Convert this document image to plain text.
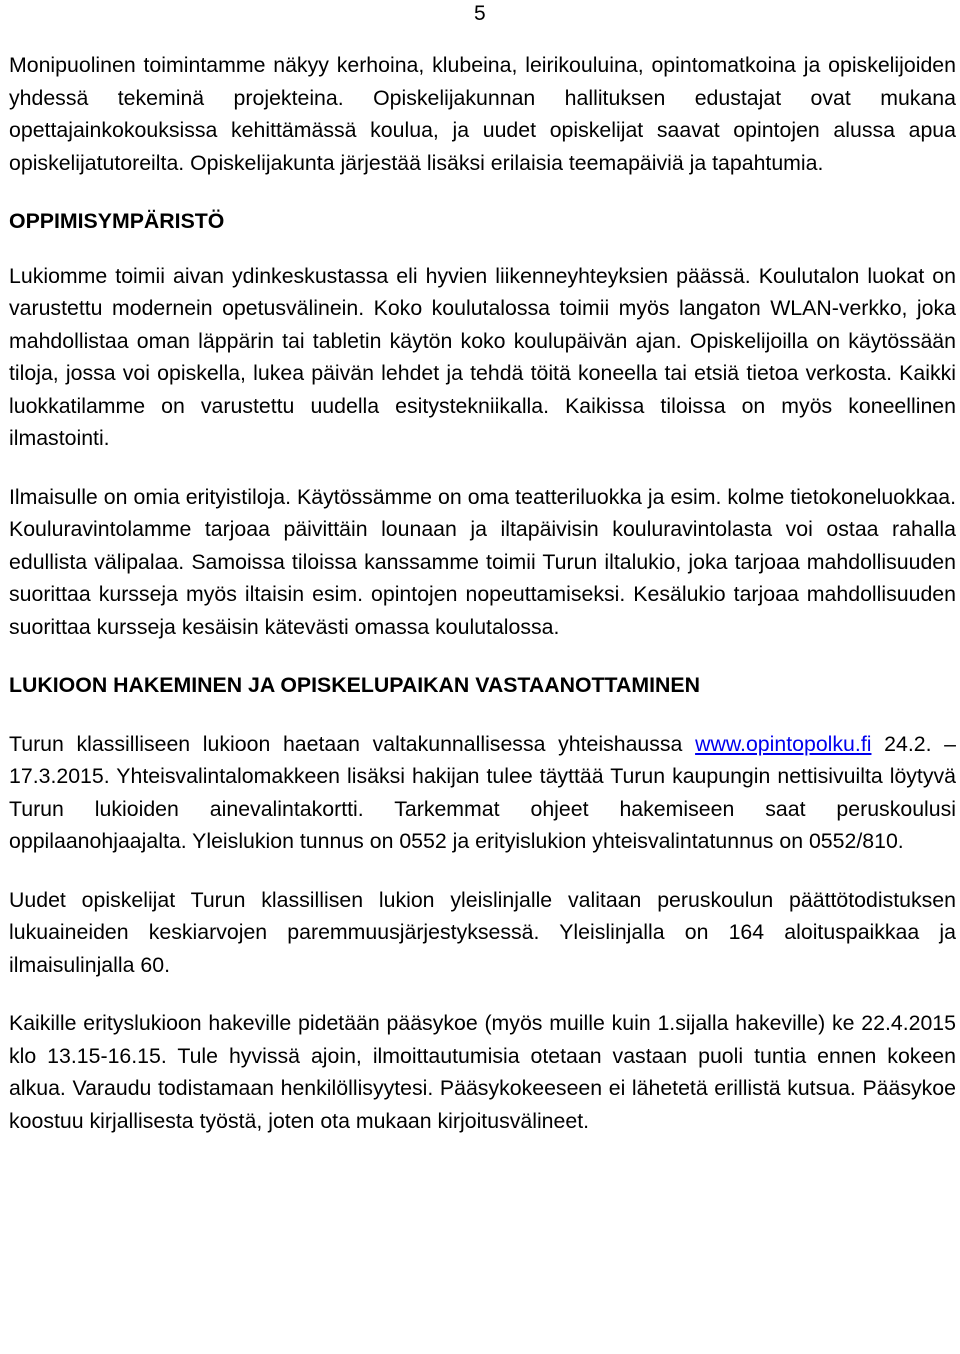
5

Monipuolinen toimintamme näkyy kerhoina, klubeina, leirikouluina, opintomatkoina ja opiskelijoiden yhdessä tekeminä projekteina. Opiskelijakunnan hallituksen edustajat ovat mukana opettajainkokouksissa kehittämässä koulua, ja uudet opiskelijat saavat opintojen alussa apua opiskelijatutoreilta. Opiskelijakunta järjestää lisäksi erilaisia teemapäiviä ja tapahtumia.

OPPIMISYMPÄRISTÖ

Lukiomme toimii aivan ydinkeskustassa eli hyvien liikenneyhteyksien päässä. Koulutalon luokat on varustettu modernein opetusvälinein. Koko koulutalossa toimii myös langaton WLAN-verkko, joka mahdollistaa oman läppärin tai tabletin käytön koko koulupäivän ajan. Opiskelijoilla on käytössään tiloja, jossa voi opiskella, lukea päivän lehdet ja tehdä töitä koneella tai etsiä tietoa verkosta. Kaikki luokkatilamme on varustettu uudella esitystekniikalla. Kaikissa tiloissa on myös koneellinen ilmastointi.

Ilmaisulle on omia erityistiloja. Käytössämme on oma teatteriluokka ja esim. kolme tietokoneluokkaa. Kouluravintolamme tarjoaa päivittäin lounaan ja iltapäivisin kouluravintolasta voi ostaa rahalla edullista välipalaa. Samoissa tiloissa kanssamme toimii Turun iltalukio, joka tarjoaa mahdollisuuden suorittaa kursseja myös iltaisin esim. opintojen nopeuttamiseksi. Kesälukio tarjoaa mahdollisuuden suorittaa kursseja kesäisin kätevästi omassa koulutalossa.

LUKIOON HAKEMINEN JA OPISKELUPAIKAN VASTAANOTTAMINEN

Turun klassilliseen lukioon haetaan valtakunnallisessa yhteishaussa www.opintopolku.fi 24.2. – 17.3.2015. Yhteisvalintalomakkeen lisäksi hakijan tulee täyttää Turun kaupungin nettisivuilta löytyvä Turun lukioiden ainevalintakortti. Tarkemmat ohjeet hakemiseen saat peruskoulusi oppilaanohjaajalta. Yleislukion tunnus on 0552 ja erityislukion yhteisvalintatunnus on 0552/810.

Uudet opiskelijat Turun klassillisen lukion yleislinjalle valitaan peruskoulun päättötodistuksen lukuaineiden keskiarvojen paremmuusjärjestyksessä. Yleislinjalla on 164 aloituspaikkaa ja ilmaisulinjalla 60.

Kaikille erityslukioon hakeville pidetään pääsykoe (myös muille kuin 1.sijalla hakeville) ke 22.4.2015 klo 13.15-16.15. Tule hyvissä ajoin, ilmoittautumisia otetaan vastaan puoli tuntia ennen kokeen alkua. Varaudu todistamaan henkilöllisyytesi. Pääsykokeeseen ei lähetetä erillistä kutsua. Pääsykoe koostuu kirjallisesta työstä, joten ota mukaan kirjoitusvälineet.
